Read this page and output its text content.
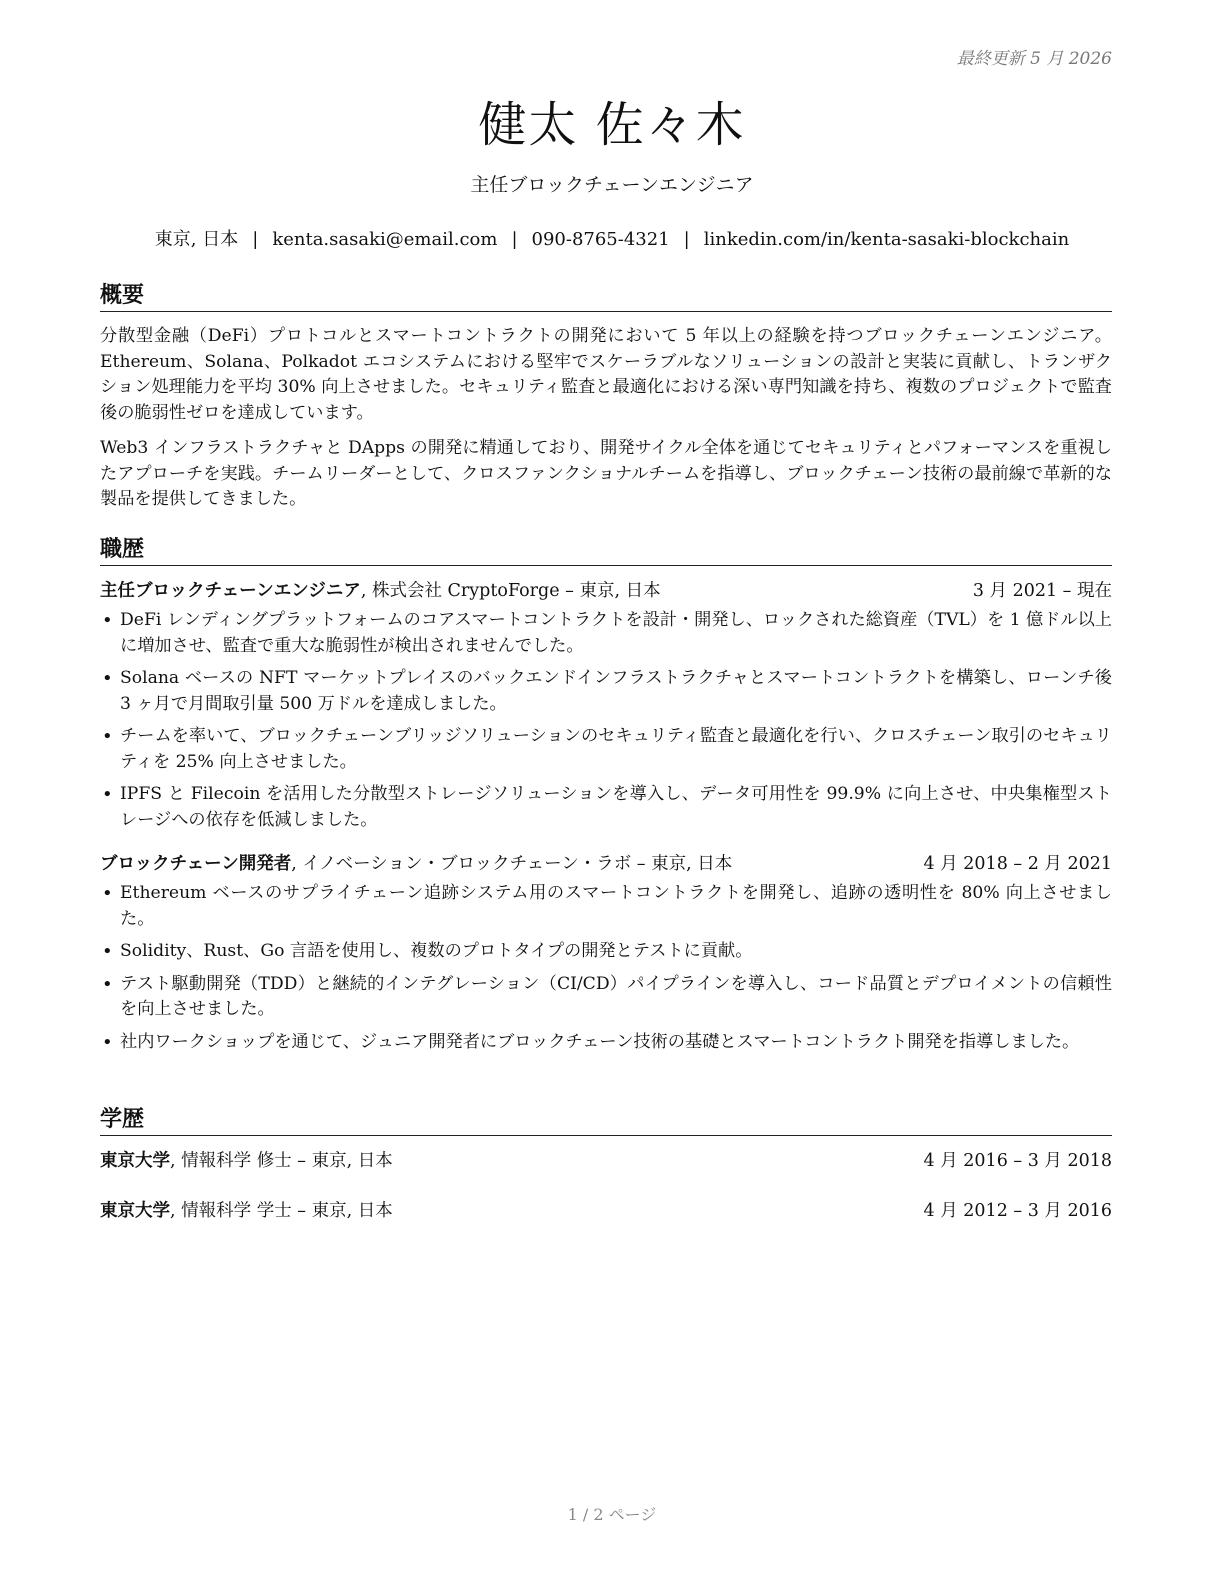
最終更新 5 月 2026
健太 佐々木
主任ブロックチェーンエンジニア
東京, 日本 | kenta.sasaki@email.com | 090-8765-4321 | linkedin.com/in/kenta-sasaki-blockchain
概要

分散型金融（DeFi）プロトコルとスマートコントラクトの開発において 5 年以上の経験を持つブロックチェーンエンジニア。Ethereum、Solana、Polkadot エコシステムにおける堅牢でスケーラブルなソリューションの設計と実装に貢献し、トランザクション処理能力を平均 30% 向上させました。セキュリティ監査と最適化における深い専門知識を持ち、複数のプロジェクトで監査後の脆弱性ゼロを達成しています。

Web3 インフラストラクチャと DApps の開発に精通しており、開発サイクル全体を通じてセキュリティとパフォーマンスを重視したアプローチを実践。チームリーダーとして、クロスファンクショナルチームを指導し、ブロックチェーン技術の最前線で革新的な製品を提供してきました。

職歴
主任ブロックチェーンエンジニア, 株式会社 CryptoForge – 東京, 日本	3 月 2021 – 現在
• DeFi レンディングプラットフォームのコアスマートコントラクトを設計・開発し、ロックされた総資産（TVL）を 1 億ドル以上に増加させ、監査で重大な脆弱性が検出されませんでした。
• Solana ベースの NFT マーケットプレイスのバックエンドインフラストラクチャとスマートコントラクトを構築し、ローンチ後 3 ヶ月で月間取引量 500 万ドルを達成しました。
• チームを率いて、ブロックチェーンブリッジソリューションのセキュリティ監査と最適化を行い、クロスチェーン取引のセキュリティを 25% 向上させました。
• IPFS と Filecoin を活用した分散型ストレージソリューションを導入し、データ可用性を 99.9% に向上させ、中央集権型ストレージへの依存を低減しました。
ブロックチェーン開発者, イノベーション・ブロックチェーン・ラボ – 東京, 日本	4 月 2018 – 2 月 2021
• Ethereum ベースのサプライチェーン追跡システム用のスマートコントラクトを開発し、追跡の透明性を 80% 向上させました。
• Solidity、Rust、Go 言語を使用し、複数のプロトタイプの開発とテストに貢献。
• テスト駆動開発（TDD）と継続的インテグレーション（CI/CD）パイプラインを導入し、コード品質とデプロイメントの信頼性を向上させました。
• 社内ワークショップを通じて、ジュニア開発者にブロックチェーン技術の基礎とスマートコントラクト開発を指導しました。
学歴
東京大学, 情報科学 修士 – 東京, 日本	4 月 2016 – 3 月 2018
東京大学, 情報科学 学士 – 東京, 日本	4 月 2012 – 3 月 2016
1 / 2 ページ
